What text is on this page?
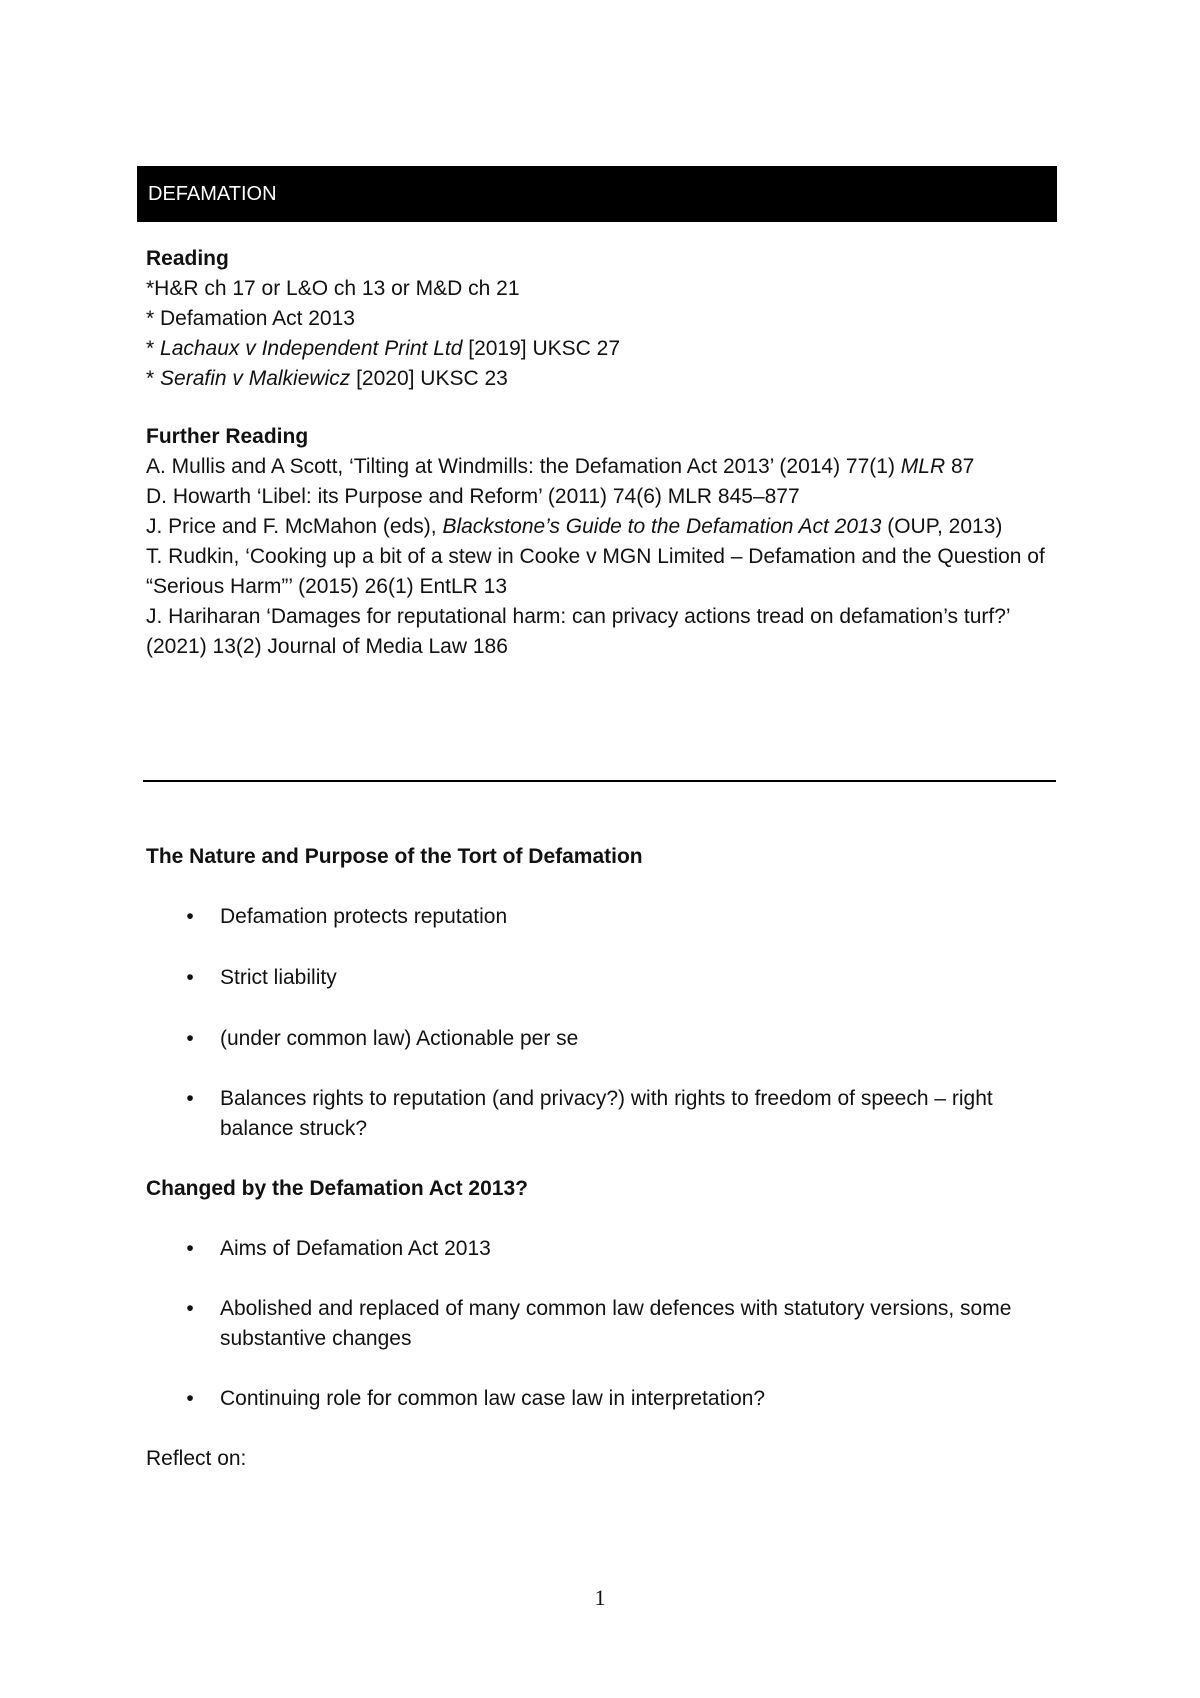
DEFAMATION

Reading

*H&R ch 17 or L&O ch 13 or M&D ch 21

* Defamation Act 2013

* Lachaux v Independent Print Ltd [2019] UKSC 27

* Serafin v Malkiewicz [2020] UKSC 23

Further Reading

A. Mullis and A Scott, ‘Tilting at Windmills: the Defamation Act 2013’ (2014) 77(1) MLR 87

D. Howarth ‘Libel: its Purpose and Reform’ (2011) 74(6) MLR 845–877

J. Price and F. McMahon (eds), Blackstone’s Guide to the Defamation Act 2013 (OUP, 2013)

T. Rudkin, ‘Cooking up a bit of a stew in Cooke v MGN Limited – Defamation and the Question of “Serious Harm”’ (2015) 26(1) EntLR 13

J. Hariharan ‘Damages for reputational harm: can privacy actions tread on defamation’s turf?’ (2021) 13(2) Journal of Media Law 186

The Nature and Purpose of the Tort of Defamation
• Defamation protects reputation
• Strict liability
• (under common law) Actionable per se
• Balances rights to reputation (and privacy?) with rights to freedom of speech – right balance struck?
Changed by the Defamation Act 2013?
• Aims of Defamation Act 2013
• Abolished and replaced of many common law defences with statutory versions, some substantive changes
• Continuing role for common law case law in interpretation?
Reflect on:
1
